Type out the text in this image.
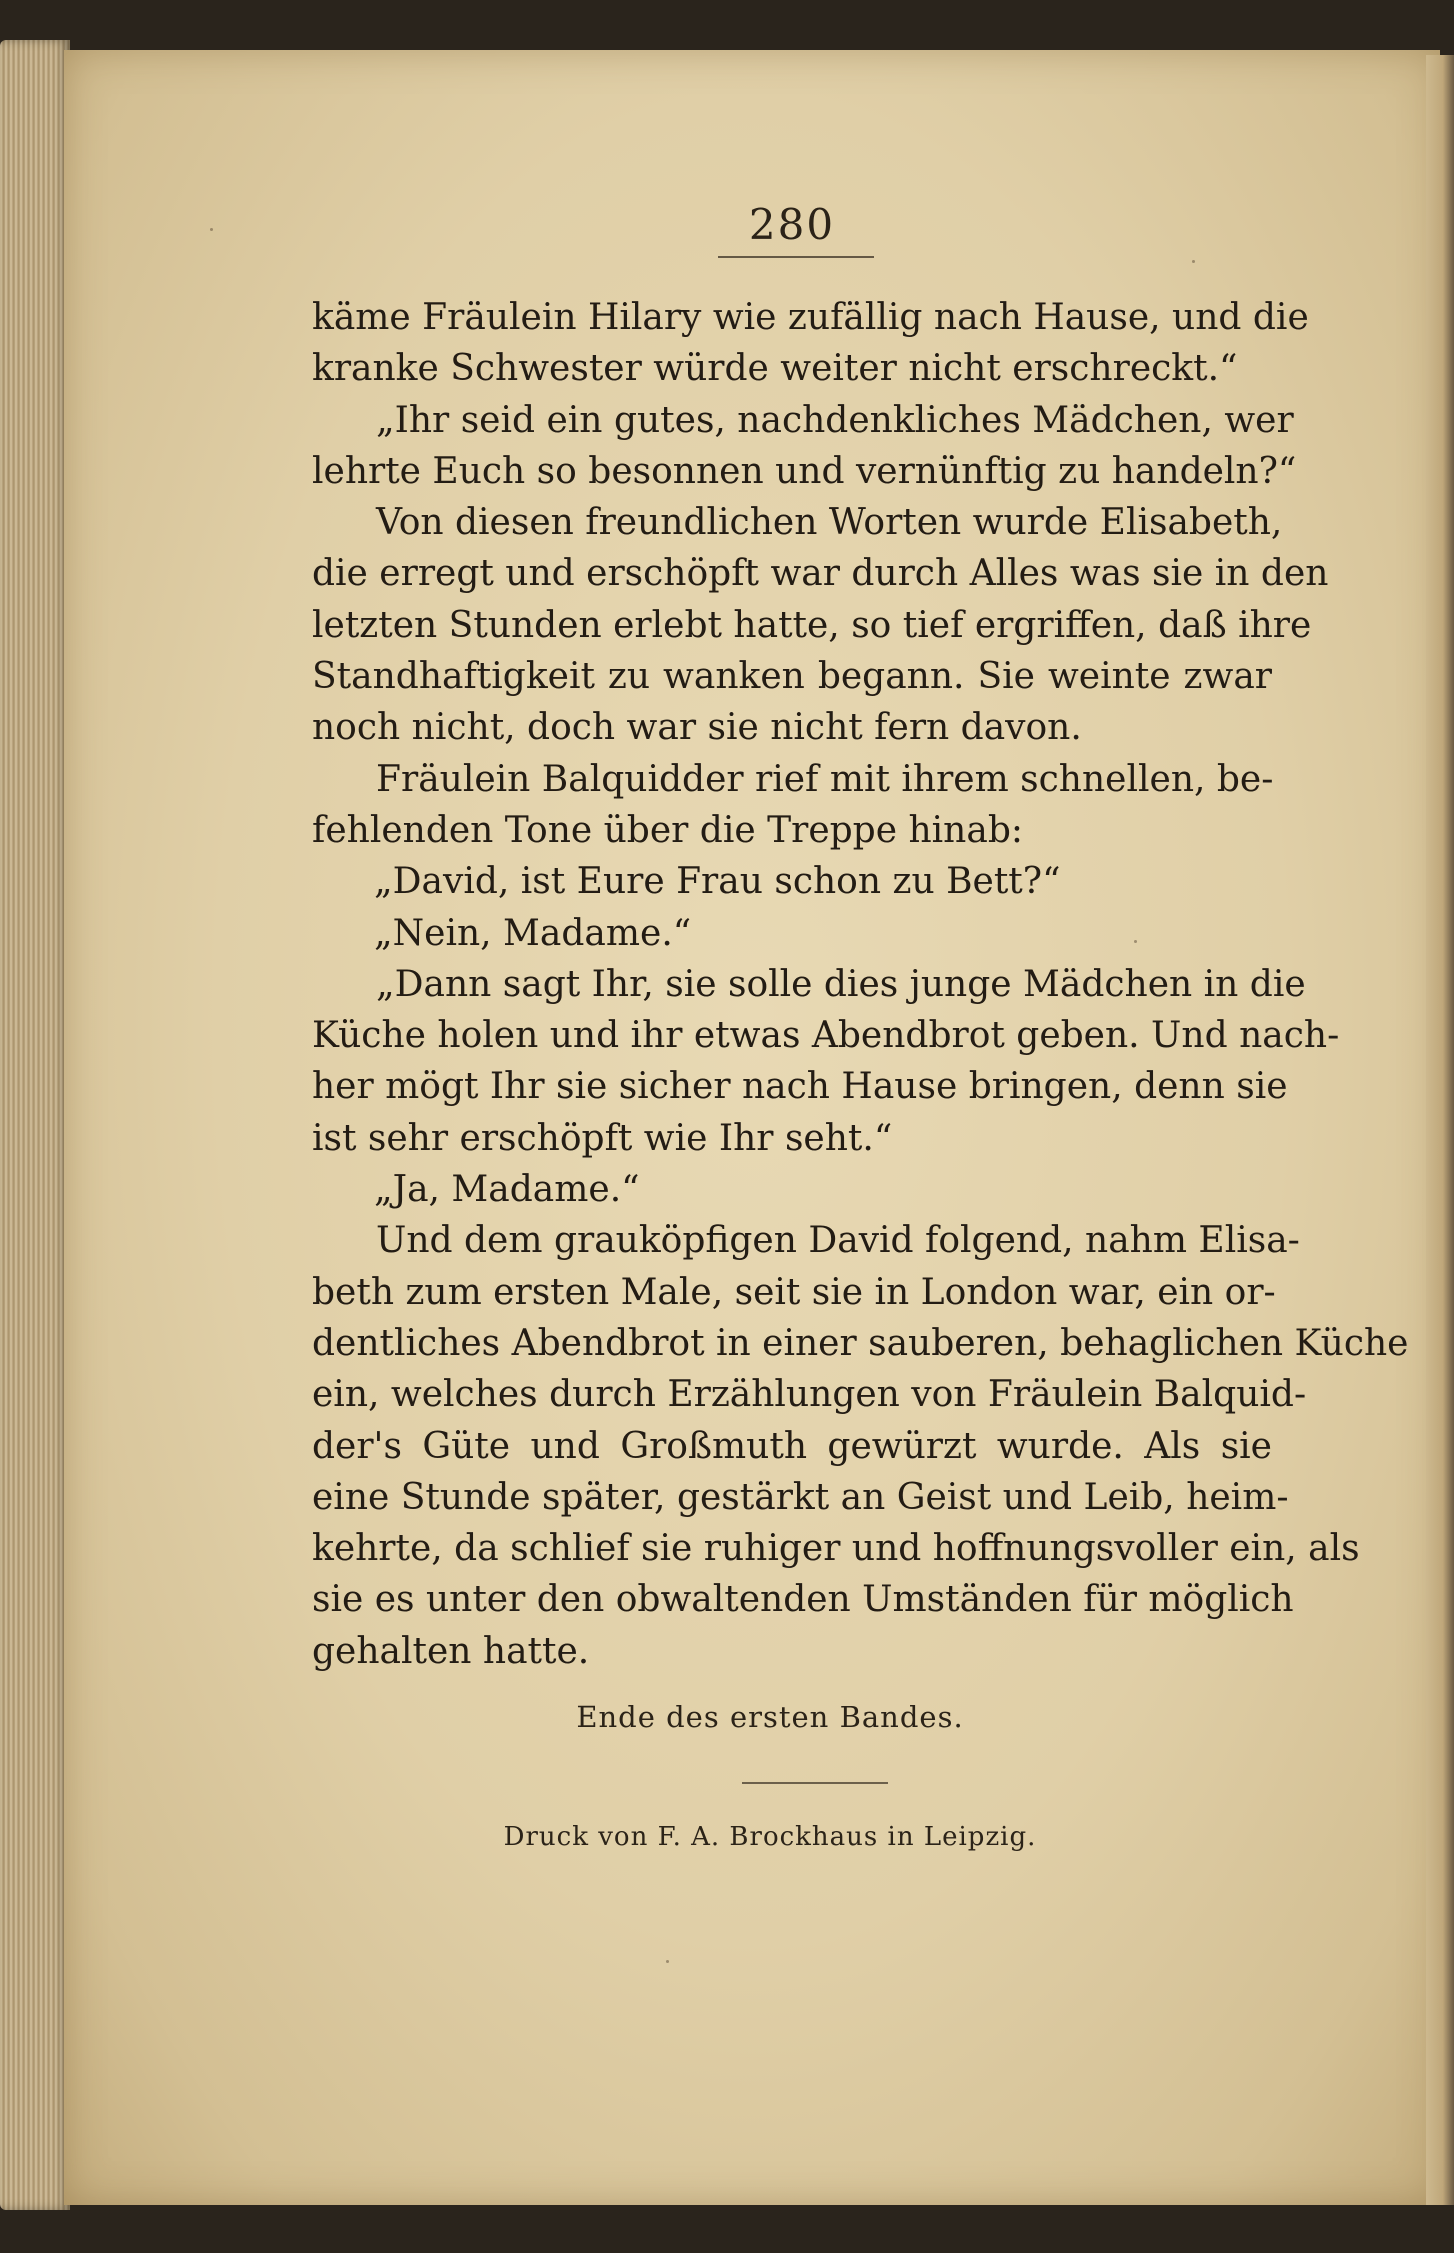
280
käme Fräulein Hilary wie zufällig nach Hause, und die
kranke Schwester würde weiter nicht erschreckt.“
„Ihr seid ein gutes, nachdenkliches Mädchen, wer
lehrte Euch so besonnen und vernünftig zu handeln?“
Von diesen freundlichen Worten wurde Elisabeth,
die erregt und erschöpft war durch Alles was sie in den
letzten Stunden erlebt hatte, so tief ergriffen, daß ihre
Standhaftigkeit zu wanken begann. Sie weinte zwar
noch nicht, doch war sie nicht fern davon.
Fräulein Balquidder rief mit ihrem schnellen, be-
fehlenden Tone über die Treppe hinab:
„David, ist Eure Frau schon zu Bett?“
„Nein, Madame.“
„Dann sagt Ihr, sie solle dies junge Mädchen in die
Küche holen und ihr etwas Abendbrot geben. Und nach-
her mögt Ihr sie sicher nach Hause bringen, denn sie
ist sehr erschöpft wie Ihr seht.“
„Ja, Madame.“
Und dem grauköpfigen David folgend, nahm Elisa-
beth zum ersten Male, seit sie in London war, ein or-
dentliches Abendbrot in einer sauberen, behaglichen Küche
ein, welches durch Erzählungen von Fräulein Balquid-
der's Güte und Großmuth gewürzt wurde. Als sie
eine Stunde später, gestärkt an Geist und Leib, heim-
kehrte, da schlief sie ruhiger und hoffnungsvoller ein, als
sie es unter den obwaltenden Umständen für möglich
gehalten hatte.
Ende des ersten Bandes.
Druck von F. A. Brockhaus in Leipzig.
